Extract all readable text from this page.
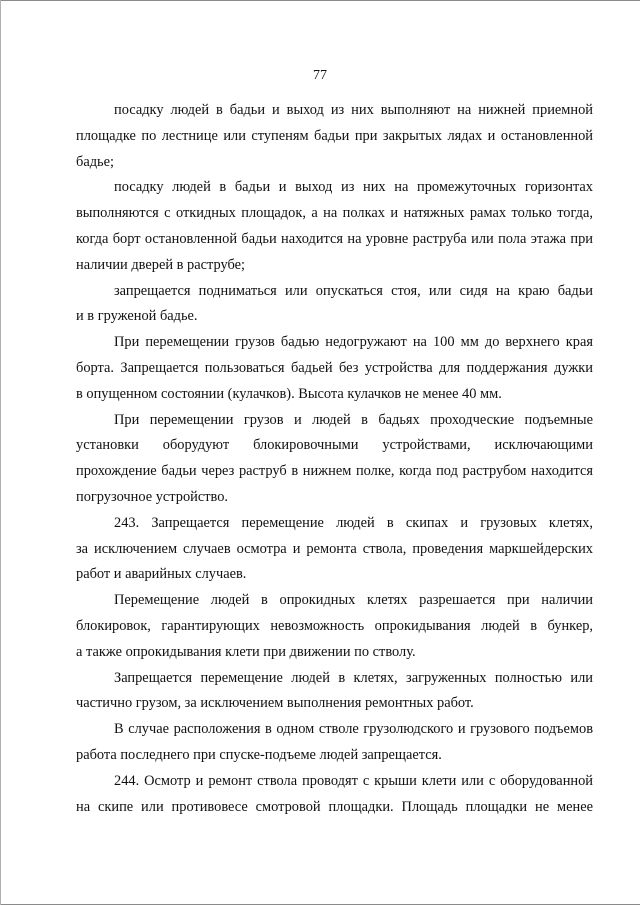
77

посадку людей в бадьи и выход из них выполняют на нижней приемной
площадке по лестнице или ступеням бадьи при закрытых лядах и остановленной
бадье;

посадку людей в бадьи и выход из них на промежуточных горизонтах
выполняются с откидных площадок, а на полках и натяжных рамах только тогда,
когда борт остановленной бадьи находится на уровне раструба или пола этажа при
наличии дверей в раструбе;

запрещается подниматься или опускаться стоя, или сидя на краю бадьи
и в груженой бадье.

При перемещении грузов бадью недогружают на 100 мм до верхнего края
борта. Запрещается пользоваться бадьей без устройства для поддержания дужки
в опущенном состоянии (кулачков). Высота кулачков не менее 40 мм.

При перемещении грузов и людей в бадьях проходческие подъемные
установки оборудуют блокировочными устройствами, исключающими
прохождение бадьи через раструб в нижнем полке, когда под раструбом находится
погрузочное устройство.

243. Запрещается перемещение людей в скипах и грузовых клетях,
за исключением случаев осмотра и ремонта ствола, проведения маркшейдерских
работ и аварийных случаев.

Перемещение людей в опрокидных клетях разрешается при наличии
блокировок, гарантирующих невозможность опрокидывания людей в бункер,
а также опрокидывания клети при движении по стволу.

Запрещается перемещение людей в клетях, загруженных полностью или
частично грузом, за исключением выполнения ремонтных работ.

В случае расположения в одном стволе грузолюдского и грузового подъемов
работа последнего при спуске-подъеме людей запрещается.

244. Осмотр и ремонт ствола проводят с крыши клети или с оборудованной
на скипе или противовесе смотровой площадки. Площадь площадки не менее
